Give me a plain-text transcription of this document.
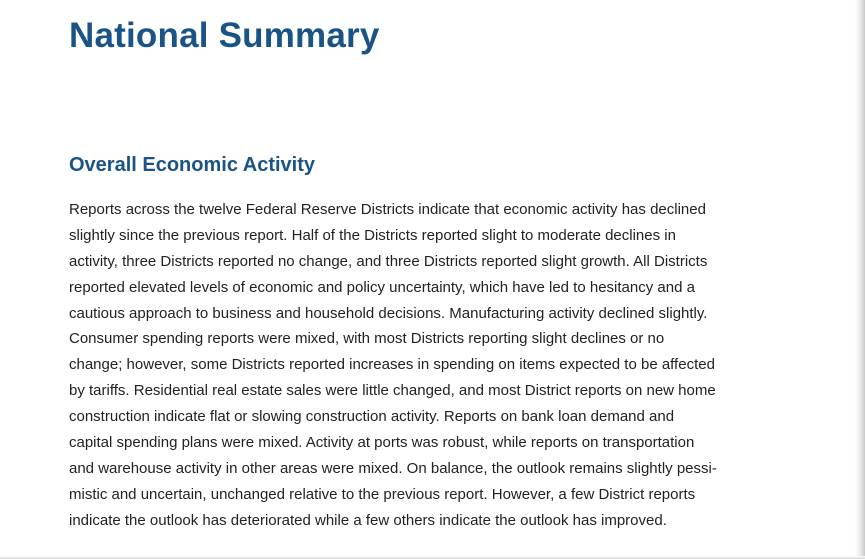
National Summary
Overall Economic Activity

Reports across the twelve Federal Reserve Districts indicate that economic activity has declined
slightly since the previous report. Half of the Districts reported slight to moderate declines in
activity, three Districts reported no change, and three Districts reported slight growth. All Districts
reported elevated levels of economic and policy uncertainty, which have led to hesitancy and a
cautious approach to business and household decisions. Manufacturing activity declined slightly.
Consumer spending reports were mixed, with most Districts reporting slight declines or no
change; however, some Districts reported increases in spending on items expected to be affected
by tariffs. Residential real estate sales were little changed, and most District reports on new home
construction indicate flat or slowing construction activity. Reports on bank loan demand and
capital spending plans were mixed. Activity at ports was robust, while reports on transportation
and warehouse activity in other areas were mixed. On balance, the outlook remains slightly pessi-
mistic and uncertain, unchanged relative to the previous report. However, a few District reports
indicate the outlook has deteriorated while a few others indicate the outlook has improved.
